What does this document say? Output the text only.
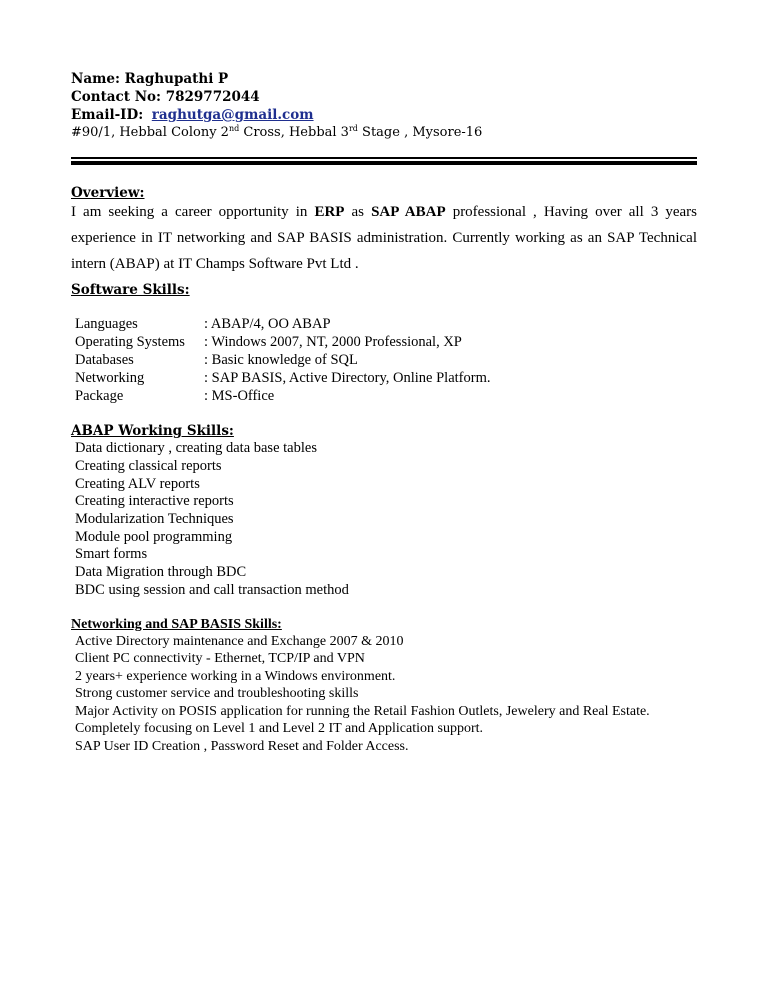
Name: Raghupathi P
Contact No: 7829772044
Email-ID: raghutga@gmail.com
#90/1, Hebbal Colony 2nd Cross, Hebbal 3rd Stage , Mysore-16
Overview:
I am seeking a career opportunity in ERP as SAP ABAP professional , Having over all 3 years experience in IT networking and SAP BASIS administration. Currently working as an SAP Technical intern (ABAP) at IT Champs Software Pvt Ltd .
Software Skills:
Languages	: ABAP/4, OO ABAP
Operating Systems : Windows 2007, NT, 2000 Professional, XP
Databases	: Basic knowledge of SQL
Networking	: SAP BASIS, Active Directory, Online Platform.
Package	: MS-Office
ABAP Working Skills:
Data dictionary , creating data base tables
Creating classical reports
Creating ALV reports
Creating interactive reports
Modularization Techniques
Module pool programming
Smart forms
Data Migration through BDC
BDC using session and call transaction method
Networking and SAP BASIS Skills:
Active Directory maintenance and Exchange 2007 & 2010
Client PC connectivity - Ethernet, TCP/IP and VPN
2 years+ experience working in a Windows environment.
Strong customer service and troubleshooting skills
Major Activity on POSIS application for running the Retail Fashion Outlets, Jewelery and Real Estate.
Completely focusing on Level 1 and Level 2 IT and Application support.
SAP User ID Creation , Password Reset and Folder Access.
